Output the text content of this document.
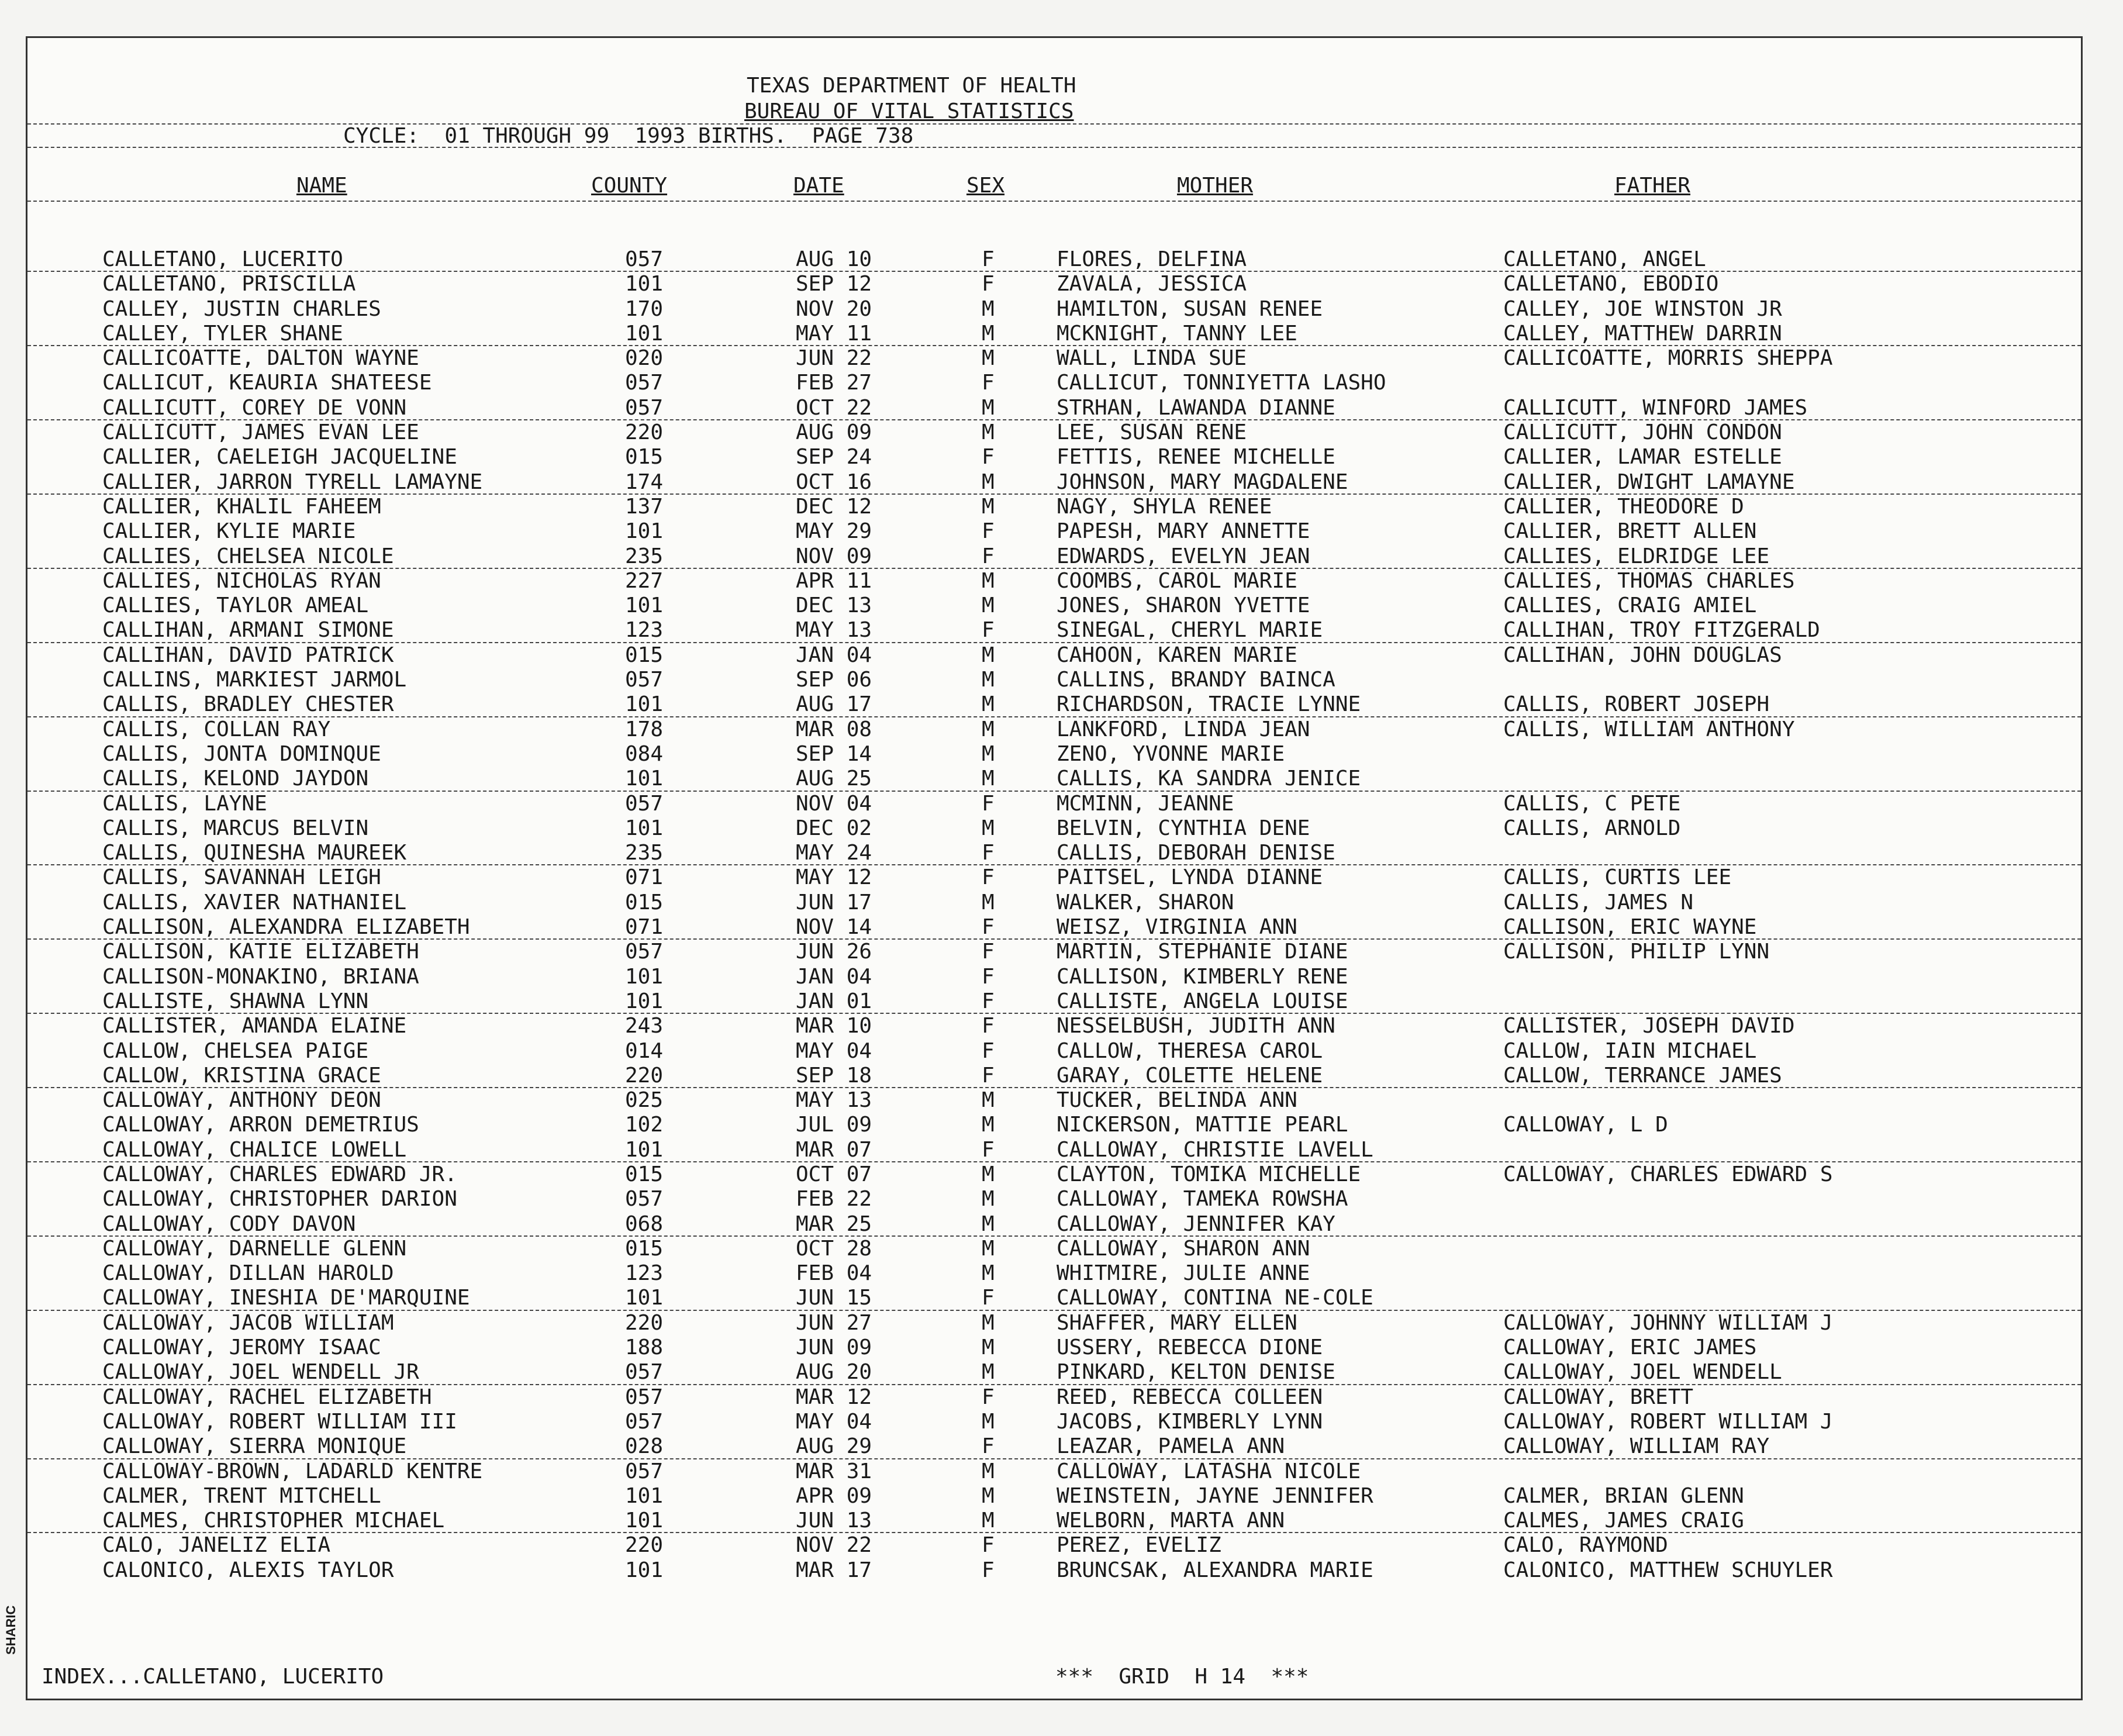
TEXAS DEPARTMENT OF HEALTH
BUREAU OF VITAL STATISTICS
CYCLE:  01 THROUGH 99  1993 BIRTHS.  PAGE 738
NAME	COUNTY	DATE	SEX	MOTHER	FATHER
CALLETANO, LUCERITO	057	AUG 10	F	FLORES, DELFINA	CALLETANO, ANGEL
CALLETANO, PRISCILLA	101	SEP 12	F	ZAVALA, JESSICA	CALLETANO, EBODIO
CALLEY, JUSTIN CHARLES	170	NOV 20	M	HAMILTON, SUSAN RENEE	CALLEY, JOE WINSTON JR
CALLEY, TYLER SHANE	101	MAY 11	M	MCKNIGHT, TANNY LEE	CALLEY, MATTHEW DARRIN
CALLICOATTE, DALTON WAYNE	020	JUN 22	M	WALL, LINDA SUE	CALLICOATTE, MORRIS SHEPPA
CALLICUT, KEAURIA SHATEESE	057	FEB 27	F	CALLICUT, TONNIYETTA LASHO
CALLICUTT, COREY DE VONN	057	OCT 22	M	STRHAN, LAWANDA DIANNE	CALLICUTT, WINFORD JAMES
CALLICUTT, JAMES EVAN LEE	220	AUG 09	M	LEE, SUSAN RENE	CALLICUTT, JOHN CONDON
CALLIER, CAELEIGH JACQUELINE	015	SEP 24	F	FETTIS, RENEE MICHELLE	CALLIER, LAMAR ESTELLE
CALLIER, JARRON TYRELL LAMAYNE	174	OCT 16	M	JOHNSON, MARY MAGDALENE	CALLIER, DWIGHT LAMAYNE
CALLIER, KHALIL FAHEEM	137	DEC 12	M	NAGY, SHYLA RENEE	CALLIER, THEODORE D
CALLIER, KYLIE MARIE	101	MAY 29	F	PAPESH, MARY ANNETTE	CALLIER, BRETT ALLEN
CALLIES, CHELSEA NICOLE	235	NOV 09	F	EDWARDS, EVELYN JEAN	CALLIES, ELDRIDGE LEE
CALLIES, NICHOLAS RYAN	227	APR 11	M	COOMBS, CAROL MARIE	CALLIES, THOMAS CHARLES
CALLIES, TAYLOR AMEAL	101	DEC 13	M	JONES, SHARON YVETTE	CALLIES, CRAIG AMIEL
CALLIHAN, ARMANI SIMONE	123	MAY 13	F	SINEGAL, CHERYL MARIE	CALLIHAN, TROY FITZGERALD
CALLIHAN, DAVID PATRICK	015	JAN 04	M	CAHOON, KAREN MARIE	CALLIHAN, JOHN DOUGLAS
CALLINS, MARKIEST JARMOL	057	SEP 06	M	CALLINS, BRANDY BAINCA
CALLIS, BRADLEY CHESTER	101	AUG 17	M	RICHARDSON, TRACIE LYNNE	CALLIS, ROBERT JOSEPH
CALLIS, COLLAN RAY	178	MAR 08	M	LANKFORD, LINDA JEAN	CALLIS, WILLIAM ANTHONY
CALLIS, JONTA DOMINQUE	084	SEP 14	M	ZENO, YVONNE MARIE
CALLIS, KELOND JAYDON	101	AUG 25	M	CALLIS, KA SANDRA JENICE
CALLIS, LAYNE	057	NOV 04	F	MCMINN, JEANNE	CALLIS, C PETE
CALLIS, MARCUS BELVIN	101	DEC 02	M	BELVIN, CYNTHIA DENE	CALLIS, ARNOLD
CALLIS, QUINESHA MAUREEK	235	MAY 24	F	CALLIS, DEBORAH DENISE
CALLIS, SAVANNAH LEIGH	071	MAY 12	F	PAITSEL, LYNDA DIANNE	CALLIS, CURTIS LEE
CALLIS, XAVIER NATHANIEL	015	JUN 17	M	WALKER, SHARON	CALLIS, JAMES N
CALLISON, ALEXANDRA ELIZABETH	071	NOV 14	F	WEISZ, VIRGINIA ANN	CALLISON, ERIC WAYNE
CALLISON, KATIE ELIZABETH	057	JUN 26	F	MARTIN, STEPHANIE DIANE	CALLISON, PHILIP LYNN
CALLISON-MONAKINO, BRIANA	101	JAN 04	F	CALLISON, KIMBERLY RENE
CALLISTE, SHAWNA LYNN	101	JAN 01	F	CALLISTE, ANGELA LOUISE
CALLISTER, AMANDA ELAINE	243	MAR 10	F	NESSELBUSH, JUDITH ANN	CALLISTER, JOSEPH DAVID
CALLOW, CHELSEA PAIGE	014	MAY 04	F	CALLOW, THERESA CAROL	CALLOW, IAIN MICHAEL
CALLOW, KRISTINA GRACE	220	SEP 18	F	GARAY, COLETTE HELENE	CALLOW, TERRANCE JAMES
CALLOWAY, ANTHONY DEON	025	MAY 13	M	TUCKER, BELINDA ANN
CALLOWAY, ARRON DEMETRIUS	102	JUL 09	M	NICKERSON, MATTIE PEARL	CALLOWAY, L D
CALLOWAY, CHALICE LOWELL	101	MAR 07	F	CALLOWAY, CHRISTIE LAVELL
CALLOWAY, CHARLES EDWARD JR.	015	OCT 07	M	CLAYTON, TOMIKA MICHELLE	CALLOWAY, CHARLES EDWARD S
CALLOWAY, CHRISTOPHER DARION	057	FEB 22	M	CALLOWAY, TAMEKA ROWSHA
CALLOWAY, CODY DAVON	068	MAR 25	M	CALLOWAY, JENNIFER KAY
CALLOWAY, DARNELLE GLENN	015	OCT 28	M	CALLOWAY, SHARON ANN
CALLOWAY, DILLAN HAROLD	123	FEB 04	M	WHITMIRE, JULIE ANNE
CALLOWAY, INESHIA DE'MARQUINE	101	JUN 15	F	CALLOWAY, CONTINA NE-COLE
CALLOWAY, JACOB WILLIAM	220	JUN 27	M	SHAFFER, MARY ELLEN	CALLOWAY, JOHNNY WILLIAM J
CALLOWAY, JEROMY ISAAC	188	JUN 09	M	USSERY, REBECCA DIONE	CALLOWAY, ERIC JAMES
CALLOWAY, JOEL WENDELL JR	057	AUG 20	M	PINKARD, KELTON DENISE	CALLOWAY, JOEL WENDELL
CALLOWAY, RACHEL ELIZABETH	057	MAR 12	F	REED, REBECCA COLLEEN	CALLOWAY, BRETT
CALLOWAY, ROBERT WILLIAM III	057	MAY 04	M	JACOBS, KIMBERLY LYNN	CALLOWAY, ROBERT WILLIAM J
CALLOWAY, SIERRA MONIQUE	028	AUG 29	F	LEAZAR, PAMELA ANN	CALLOWAY, WILLIAM RAY
CALLOWAY-BROWN, LADARLD KENTRE	057	MAR 31	M	CALLOWAY, LATASHA NICOLE
CALMER, TRENT MITCHELL	101	APR 09	M	WEINSTEIN, JAYNE JENNIFER	CALMER, BRIAN GLENN
CALMES, CHRISTOPHER MICHAEL	101	JUN 13	M	WELBORN, MARTA ANN	CALMES, JAMES CRAIG
CALO, JANELIZ ELIA	220	NOV 22	F	PEREZ, EVELIZ	CALO, RAYMOND
CALONICO, ALEXIS TAYLOR	101	MAR 17	F	BRUNCSAK, ALEXANDRA MARIE	CALONICO, MATTHEW SCHUYLER
INDEX...CALLETANO, LUCERITO	***  GRID  H 14  ***
SHARIC
